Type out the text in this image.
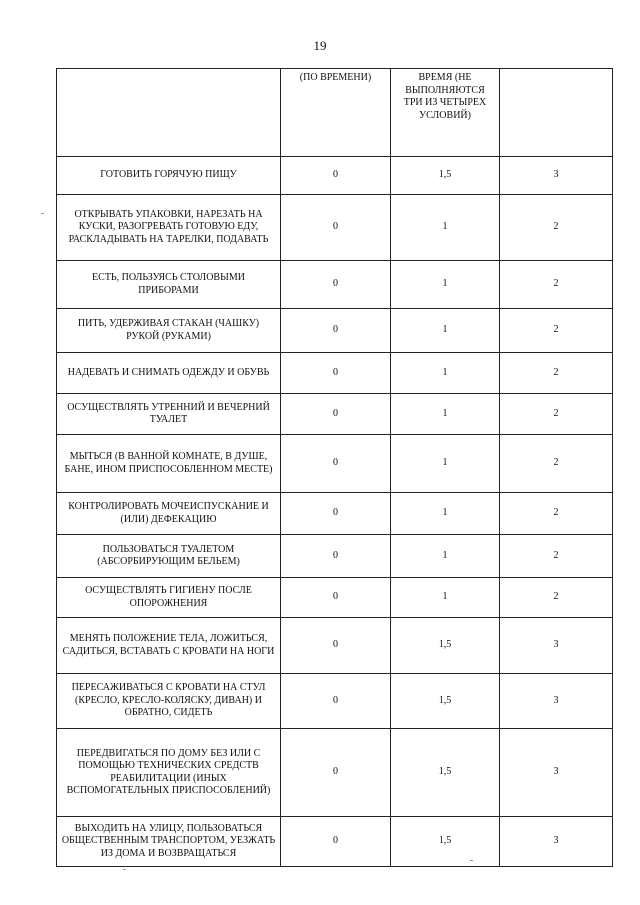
19
	(ПО ВРЕМЕНИ)	ВРЕМЯ (НЕ ВЫПОЛНЯЮТСЯ ТРИ ИЗ ЧЕТЫРЕХ УСЛОВИЙ)	
ГОТОВИТЬ ГОРЯЧУЮ ПИЩУ	0	1,5	3
ОТКРЫВАТЬ УПАКОВКИ, НАРЕЗАТЬ НА КУСКИ, РАЗОГРЕВАТЬ ГОТОВУЮ ЕДУ, РАСКЛАДЫВАТЬ НА ТАРЕЛКИ, ПОДАВАТЬ	0	1	2
ЕСТЬ, ПОЛЬЗУЯСЬ СТОЛОВЫМИ ПРИБОРАМИ	0	1	2
ПИТЬ, УДЕРЖИВАЯ СТАКАН (ЧАШКУ) РУКОЙ (РУКАМИ)	0	1	2
НАДЕВАТЬ И СНИМАТЬ ОДЕЖДУ И ОБУВЬ	0	1	2
ОСУЩЕСТВЛЯТЬ УТРЕННИЙ И ВЕЧЕРНИЙ ТУАЛЕТ	0	1	2
МЫТЬСЯ (В ВАННОЙ КОМНАТЕ, В ДУШЕ, БАНЕ, ИНОМ ПРИСПОСОБЛЕННОМ МЕСТЕ)	0	1	2
КОНТРОЛИРОВАТЬ МОЧЕИСПУСКАНИЕ И (ИЛИ) ДЕФЕКАЦИЮ	0	1	2
ПОЛЬЗОВАТЬСЯ ТУАЛЕТОМ (АБСОРБИРУЮЩИМ БЕЛЬЕМ)	0	1	2
ОСУЩЕСТВЛЯТЬ ГИГИЕНУ ПОСЛЕ ОПОРОЖНЕНИЯ	0	1	2
МЕНЯТЬ ПОЛОЖЕНИЕ ТЕЛА, ЛОЖИТЬСЯ, САДИТЬСЯ, ВСТАВАТЬ С КРОВАТИ НА НОГИ	0	1,5	3
ПЕРЕСАЖИВАТЬСЯ С КРОВАТИ НА СТУЛ (КРЕСЛО, КРЕСЛО-КОЛЯСКУ, ДИВАН) И ОБРАТНО, СИДЕТЬ	0	1,5	3
ПЕРЕДВИГАТЬСЯ ПО ДОМУ БЕЗ ИЛИ С ПОМОЩЬЮ ТЕХНИЧЕСКИХ СРЕДСТВ РЕАБИЛИТАЦИИ (ИНЫХ ВСПОМОГАТЕЛЬНЫХ ПРИСПОСОБЛЕНИЙ)	0	1,5	3
ВЫХОДИТЬ НА УЛИЦУ, ПОЛЬЗОВАТЬСЯ ОБЩЕСТВЕННЫМ ТРАНСПОРТОМ, УЕЗЖАТЬ ИЗ ДОМА И ВОЗВРАЩАТЬСЯ	0	1,5	3
